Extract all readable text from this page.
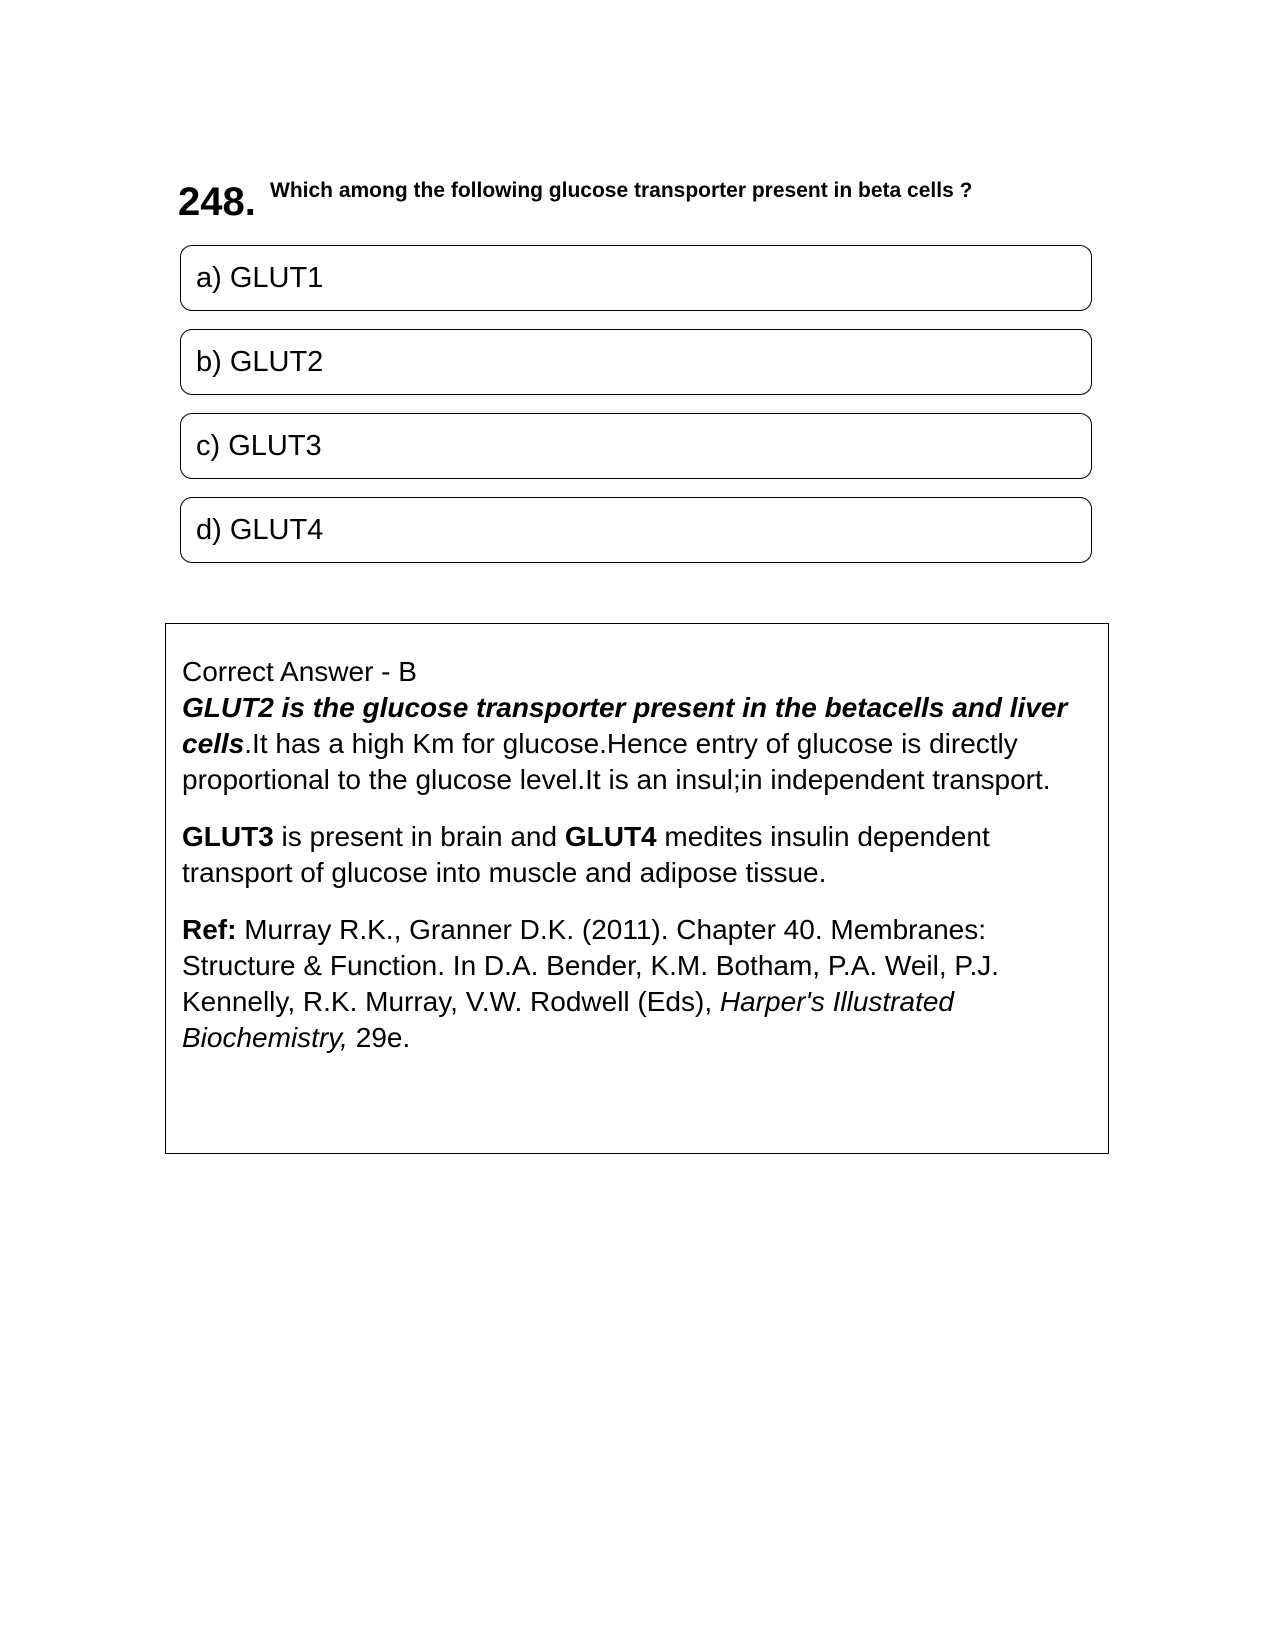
248. Which among the following glucose transporter present in beta cells ?
a) GLUT1
b) GLUT2
c) GLUT3
d) GLUT4

Correct Answer - B

GLUT2 is the glucose transporter present in the betacells and liver cells.It has a high Km for glucose.Hence entry of glucose is directly proportional to the glucose level.It is an insul;in independent transport.

GLUT3 is present in brain and GLUT4 medites insulin dependent transport of glucose into muscle and adipose tissue.

Ref: Murray R.K., Granner D.K. (2011). Chapter 40. Membranes: Structure & Function. In D.A. Bender, K.M. Botham, P.A. Weil, P.J. Kennelly, R.K. Murray, V.W. Rodwell (Eds), Harper's Illustrated Biochemistry, 29e.
